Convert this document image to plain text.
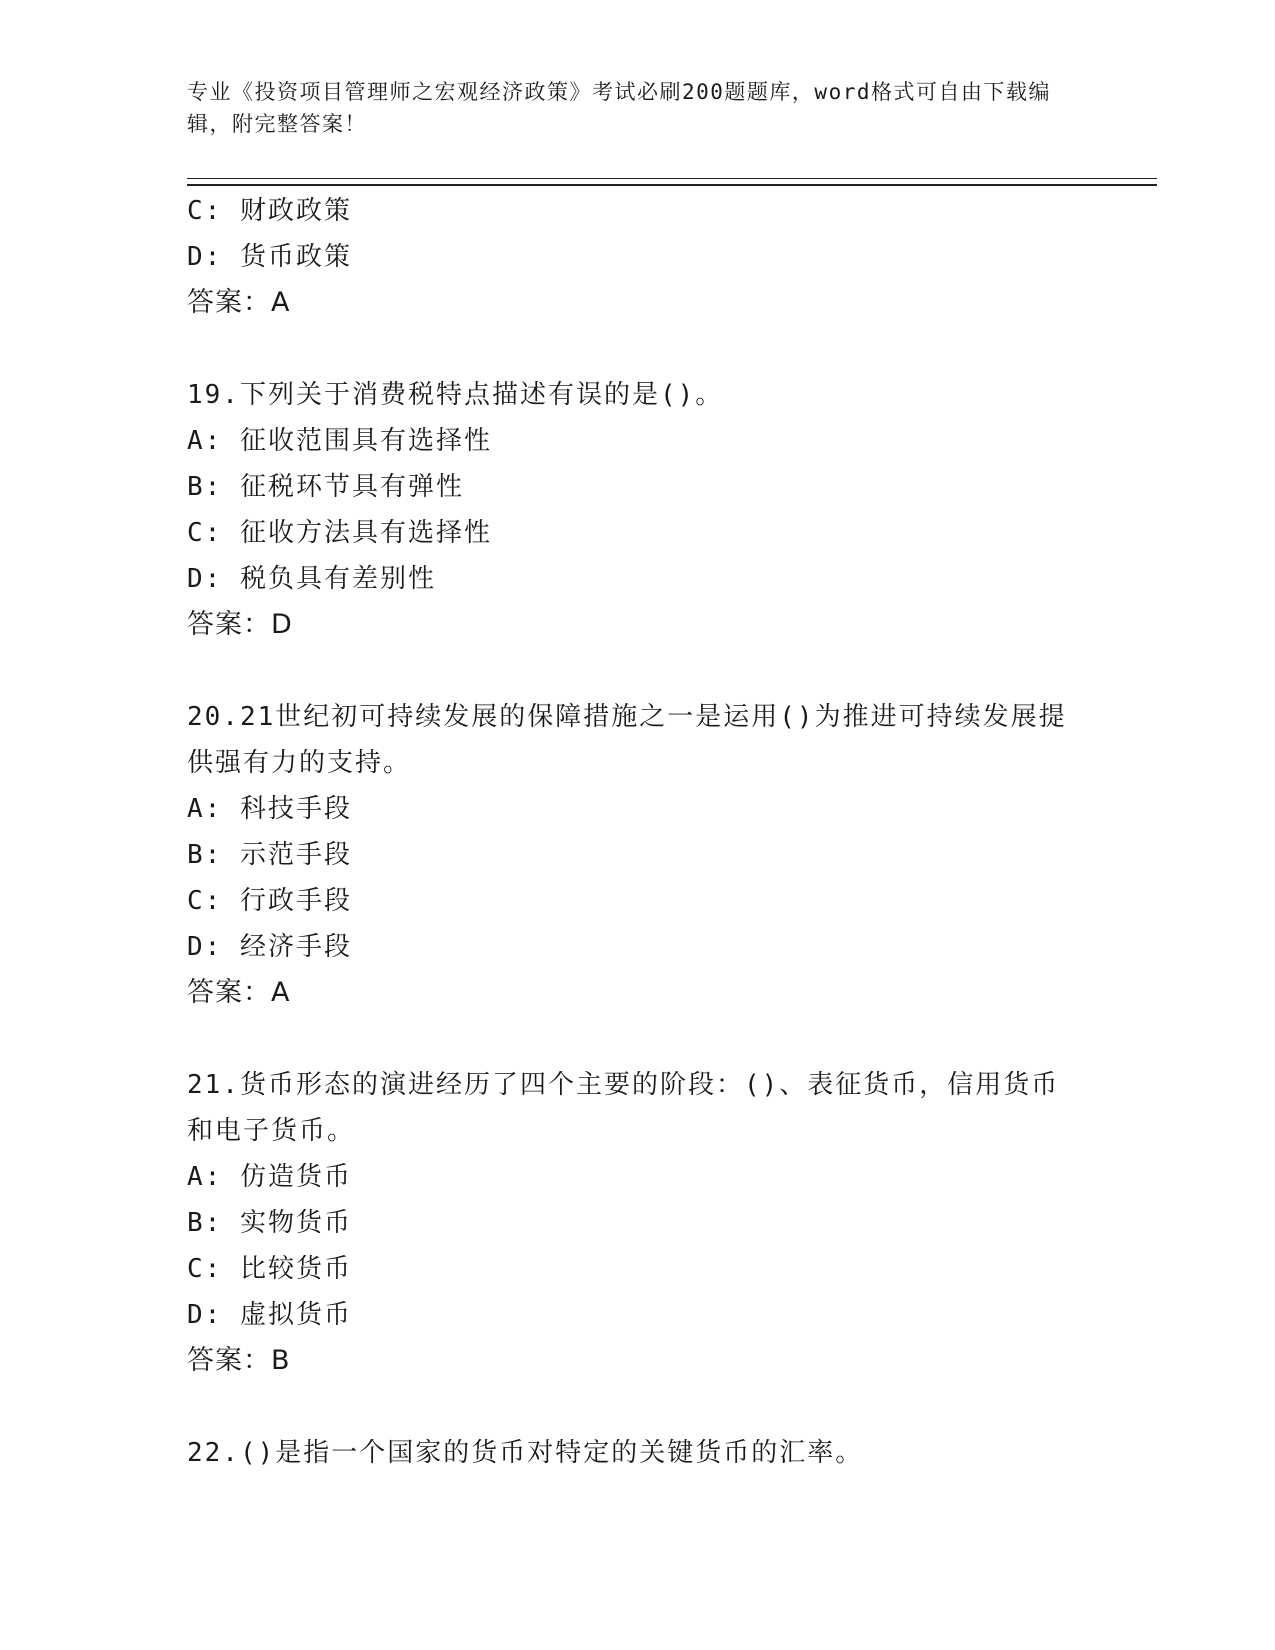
专业《投资项目管理师之宏观经济政策》考试必刷200题题库，word格式可自由下载编辑，附完整答案！
C: 财政政策
D: 货币政策
答案：A
19.下列关于消费税特点描述有误的是()。
A: 征收范围具有选择性
B: 征税环节具有弹性
C: 征收方法具有选择性
D: 税负具有差别性
答案：D
20.21世纪初可持续发展的保障措施之一是运用()为推进可持续发展提
供强有力的支持。
A: 科技手段
B: 示范手段
C: 行政手段
D: 经济手段
答案：A
21.货币形态的演进经历了四个主要的阶段：()、表征货币，信用货币
和电子货币。
A: 仿造货币
B: 实物货币
C: 比较货币
D: 虚拟货币
答案：B
22.()是指一个国家的货币对特定的关键货币的汇率。
